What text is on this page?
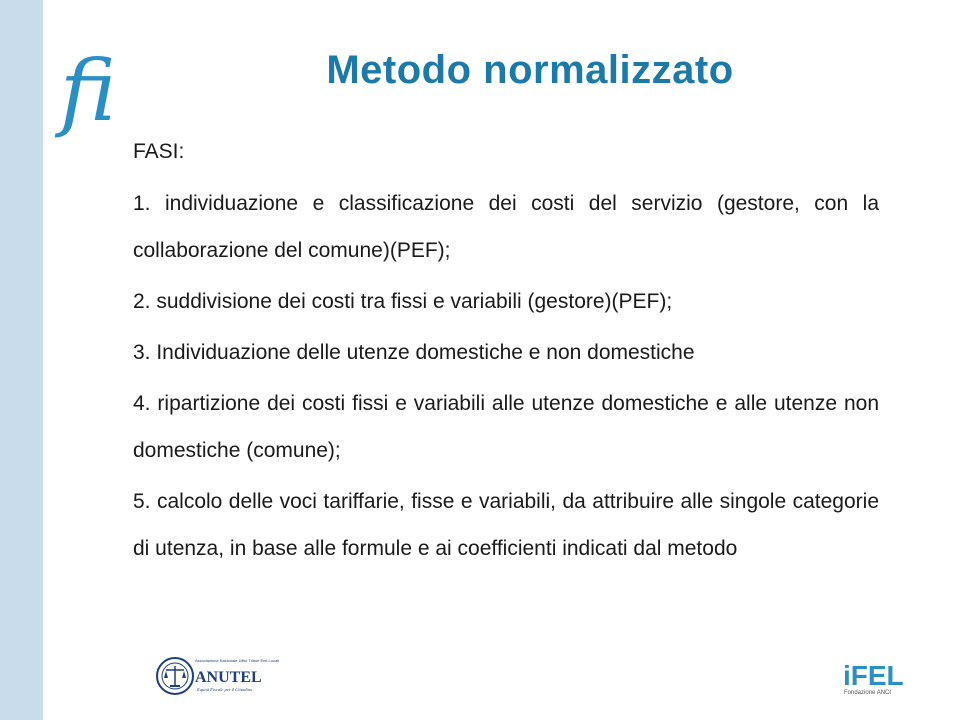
fi	Metodo normalizzato
FASI:
1. individuazione e classificazione dei costi del servizio (gestore, con la collaborazione del comune)(PEF);
2. suddivisione dei costi tra fissi e variabili (gestore)(PEF);
3. Individuazione delle utenze domestiche e non domestiche
4. ripartizione dei costi fissi e variabili alle utenze domestiche e alle utenze non domestiche (comune);
5. calcolo delle voci tariffarie, fisse e variabili, da attribuire alle singole categorie di utenza, in base alle formule e ai coefficienti indicati dal metodo
Associazione Nazionale Uffici Tributi Enti Locali
ANUTEL
Equità Fiscale per il Cittadino	iFEL
Fondazione ANCI
